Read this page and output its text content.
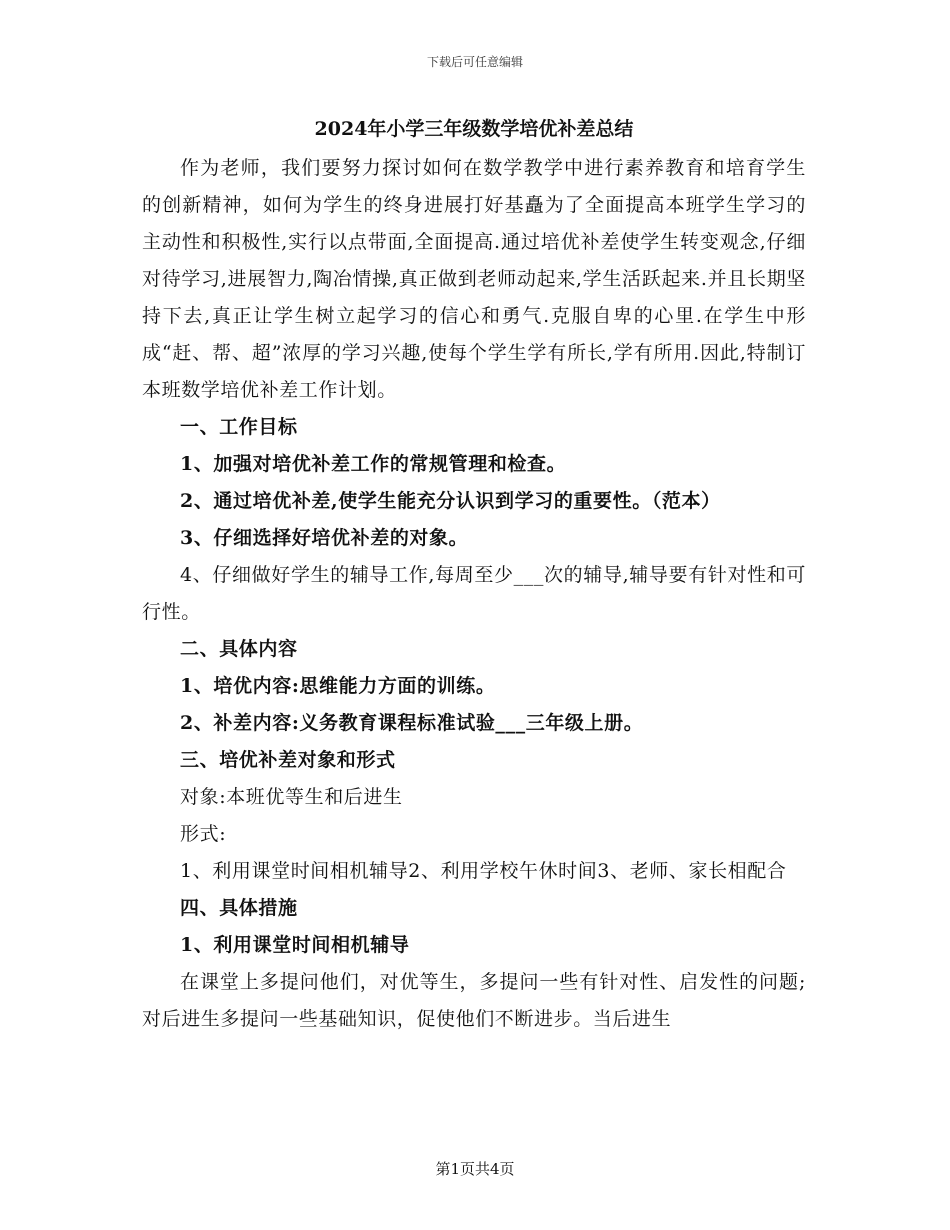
下载后可任意编辑
2024年小学三年级数学培优补差总结

作为老师，我们要努力探讨如何在数学教学中进行素养教育和培育学生的创新精神，如何为学生的终身进展打好基矗为了全面提高本班学生学习的主动性和积极性,实行以点带面,全面提高.通过培优补差使学生转变观念,仔细对待学习,进展智力,陶冶情操,真正做到老师动起来,学生活跃起来.并且长期坚持下去,真正让学生树立起学习的信心和勇气.克服自卑的心里.在学生中形成“赶、帮、超”浓厚的学习兴趣,使每个学生学有所长,学有所用.因此,特制订本班数学培优补差工作计划。

一、工作目标

1、加强对培优补差工作的常规管理和检查。

2、通过培优补差,使学生能充分认识到学习的重要性。（范本）

3、仔细选择好培优补差的对象。

4、仔细做好学生的辅导工作,每周至少___次的辅导,辅导要有针对性和可行性。

二、具体内容

1、培优内容:思维能力方面的训练。

2、补差内容:义务教育课程标准试验___三年级上册。

三、培优补差对象和形式

对象:本班优等生和后进生

形式:

1、利用课堂时间相机辅导2、利用学校午休时间3、老师、家长相配合

四、具体措施

1、利用课堂时间相机辅导

在课堂上多提问他们，对优等生，多提问一些有针对性、启发性的问题;对后进生多提问一些基础知识，促使他们不断进步。当后进生

第1页共4页
